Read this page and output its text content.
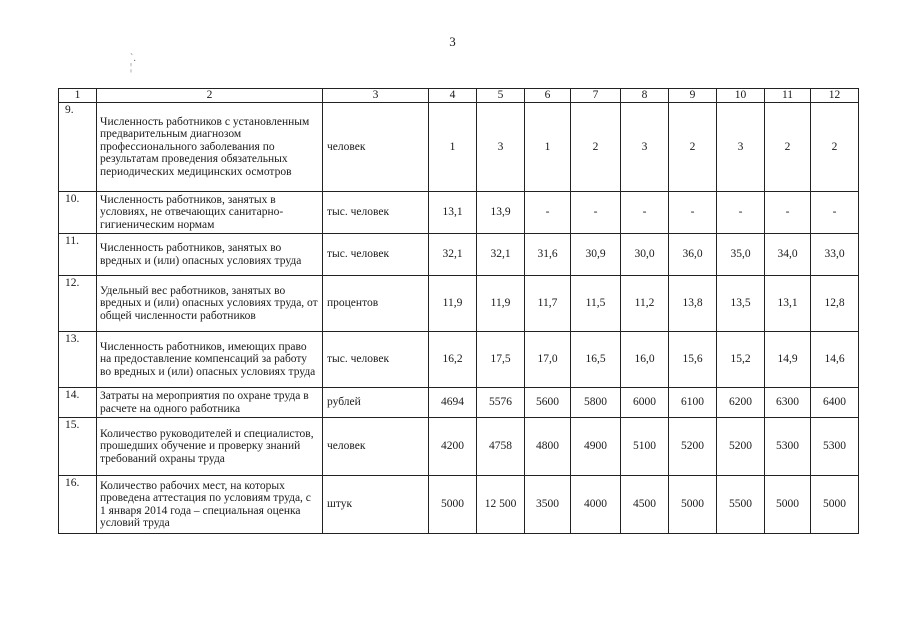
3
`.
¦
1	2	3	4	5	6	7	8	9	10	11	12
9.	Численность работников с установленным предварительным диагнозом профессионального заболевания по результатам проведения обязательных периодических медицинских осмотров	человек	1	3	1	2	3	2	3	2	2
10.	Численность работников, занятых в условиях, не отвечающих санитарно-гигиеническим нормам	тыс. человек	13,1	13,9	-	-	-	-	-	-	-
11.	Численность работников, занятых во вредных и (или) опасных условиях труда	тыс. человек	32,1	32,1	31,6	30,9	30,0	36,0	35,0	34,0	33,0
12.	Удельный вес работников, занятых во вредных и (или) опасных условиях труда, от общей численности работников	процентов	11,9	11,9	11,7	11,5	11,2	13,8	13,5	13,1	12,8
13.	Численность работников, имеющих право на предоставление компенсаций за работу во вредных и (или) опасных условиях труда	тыс. человек	16,2	17,5	17,0	16,5	16,0	15,6	15,2	14,9	14,6
14.	Затраты на мероприятия по охране труда в расчете на одного работника	рублей	4694	5576	5600	5800	6000	6100	6200	6300	6400
15.	Количество руководителей и специалистов, прошедших обучение и проверку знаний требований охраны труда	человек	4200	4758	4800	4900	5100	5200	5200	5300	5300
16.	Количество рабочих мест, на которых проведена аттестация по условиям труда, с 1 января 2014 года – специальная оценка условий труда	штук	5000	12 500	3500	4000	4500	5000	5500	5000	5000
